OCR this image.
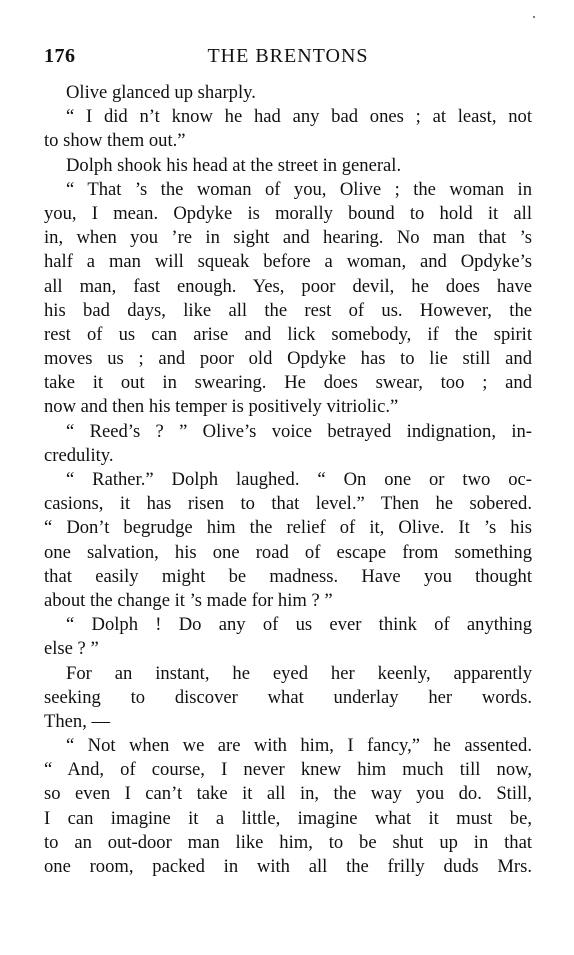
THE BRENTONS
176
Olive glanced up sharply.
“ I did n’t know he had any bad ones ; at least, not
to show them out.”
Dolph shook his head at the street in general.
“ That ’s the woman of you, Olive ; the woman in
you, I mean. Opdyke is morally bound to hold it all
in, when you ’re in sight and hearing. No man that ’s
half a man will squeak before a woman, and Opdyke’s
all man, fast enough. Yes, poor devil, he does have
his bad days, like all the rest of us. However, the
rest of us can arise and lick somebody, if the spirit
moves us ; and poor old Opdyke has to lie still and
take it out in swearing. He does swear, too ; and
now and then his temper is positively vitriolic.”
“ Reed’s ? ” Olive’s voice betrayed indignation, in-
credulity.
“ Rather.” Dolph laughed. “ On one or two oc-
casions, it has risen to that level.” Then he sobered.
“ Don’t begrudge him the relief of it, Olive. It ’s his
one salvation, his one road of escape from something
that easily might be madness. Have you thought
about the change it ’s made for him ? ”
“ Dolph ! Do any of us ever think of anything
else ? ”
For an instant, he eyed her keenly, apparently
seeking to discover what underlay her words.
Then, —
“ Not when we are with him, I fancy,” he assented.
“ And, of course, I never knew him much till now,
so even I can’t take it all in, the way you do. Still,
I can imagine it a little, imagine what it must be,
to an out-door man like him, to be shut up in that
one room, packed in with all the frilly duds Mrs.
